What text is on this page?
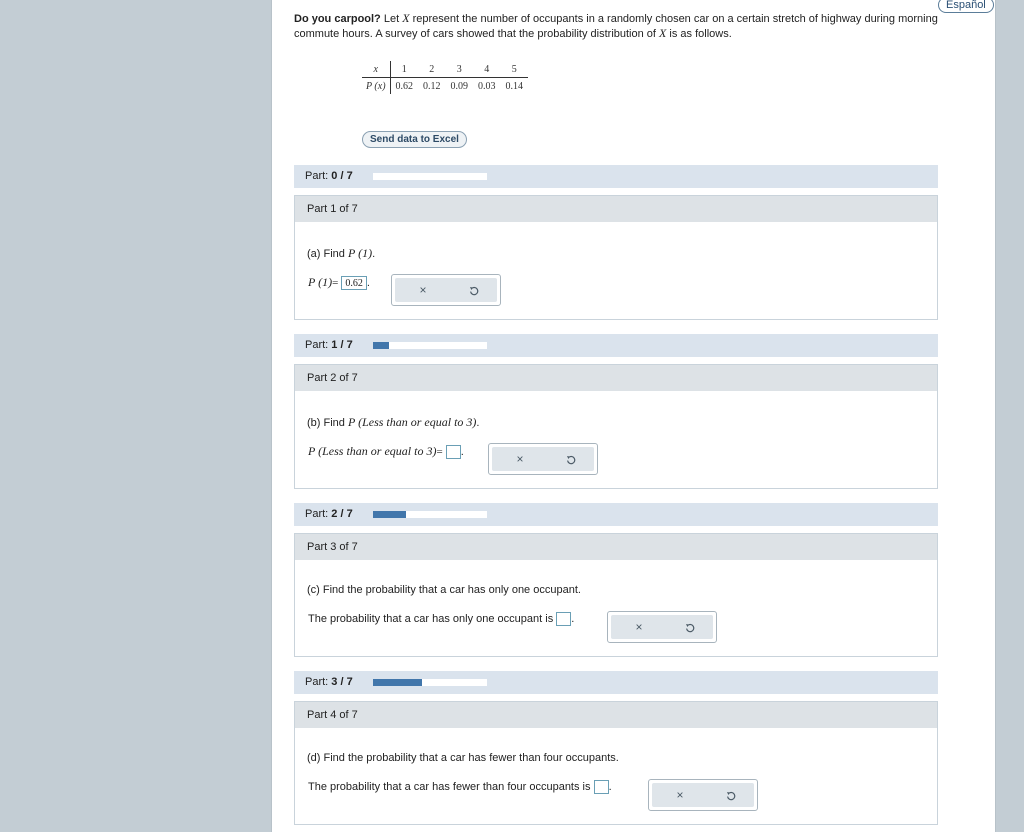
Español
Do you carpool? Let X represent the number of occupants in a randomly chosen car on a certain stretch of highway during morning commute hours. A survey of cars showed that the probability distribution of X is as follows.
x	1	2	3	4	5
P (x)	0.62	0.12	0.09	0.03	0.14
Send data to Excel
Part: 0 / 7
Part: 1 / 7
Part: 2 / 7
Part: 3 / 7
Part 1 of 7
(a) Find P (1).
P (1)= 0.62 .	×
Part 2 of 7
(b) Find P (Less than or equal to 3).
P (Less than or equal to 3)= .	×
Part 3 of 7
(c) Find the probability that a car has only one occupant.
The probability that a car has only one occupant is .
×
Part 4 of 7
(d) Find the probability that a car has fewer than four occupants.
The probability that a car has fewer than four occupants is .
×
